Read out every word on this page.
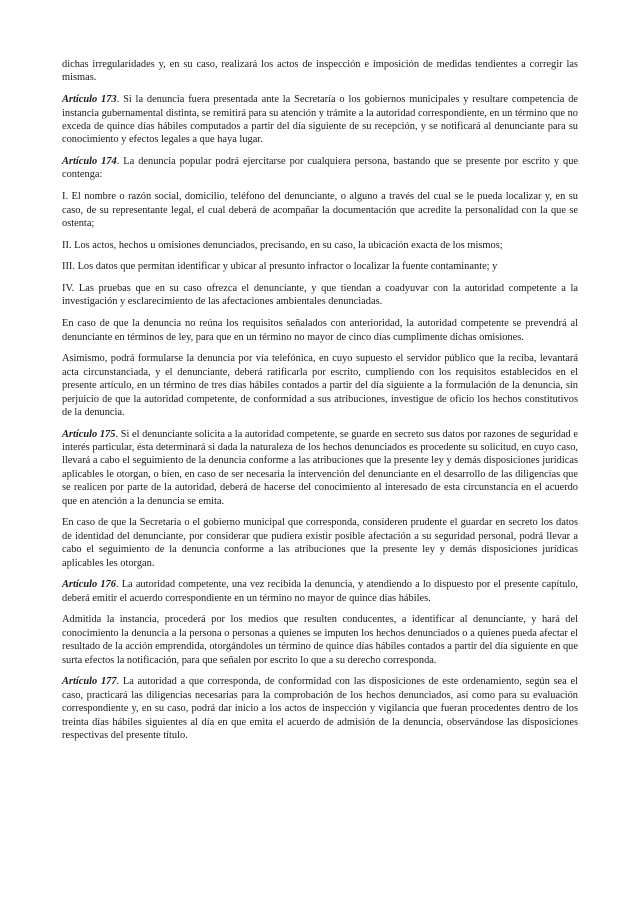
dichas irregularidades y, en su caso, realizará los actos de inspección e imposición de medidas tendientes a corregir las mismas.

Artículo 173. Si la denuncia fuera presentada ante la Secretaría o los gobiernos municipales y resultare competencia de instancia gubernamental distinta, se remitirá para su atención y trámite a la autoridad correspondiente, en un término que no exceda de quince días hábiles computados a partir del día siguiente de su recepción, y se notificará al denunciante para su conocimiento y efectos legales a que haya lugar.

Artículo 174. La denuncia popular podrá ejercitarse por cualquiera persona, bastando que se presente por escrito y que contenga:

I. El nombre o razón social, domicilio, teléfono del denunciante, o alguno a través del cual se le pueda localizar y, en su caso, de su representante legal, el cual deberá de acompañar la documentación que acredite la personalidad con la que se ostenta;

II. Los actos, hechos u omisiones denunciados, precisando, en su caso, la ubicación exacta de los mismos;

III. Los datos que permitan identificar y ubicar al presunto infractor o localizar la fuente contaminante; y

IV. Las pruebas que en su caso ofrezca el denunciante, y que tiendan a coadyuvar con la autoridad competente a la investigación y esclarecimiento de las afectaciones ambientales denunciadas.

En caso de que la denuncia no reúna los requisitos señalados con anterioridad, la autoridad competente se prevendrá al denunciante en términos de ley, para que en un término no mayor de cinco días cumplimente dichas omisiones.

Asimismo, podrá formularse la denuncia por vía telefónica, en cuyo supuesto el servidor público que la reciba, levantará acta circunstanciada, y el denunciante, deberá ratificarla por escrito, cumpliendo con los requisitos establecidos en el presente artículo, en un término de tres días hábiles contados a partir del día siguiente a la formulación de la denuncia, sin perjuicio de que la autoridad competente, de conformidad a sus atribuciones, investigue de oficio los hechos constitutivos de la denuncia.

Artículo 175. Si el denunciante solicita a la autoridad competente, se guarde en secreto sus datos por razones de seguridad e interés particular, ésta determinará si dada la naturaleza de los hechos denunciados es procedente su solicitud, en cuyo caso, llevará a cabo el seguimiento de la denuncia conforme a las atribuciones que la presente ley y demás disposiciones jurídicas aplicables le otorgan, o bien, en caso de ser necesaria la intervención del denunciante en el desarrollo de las diligencias que se realicen por parte de la autoridad, deberá de hacerse del conocimiento al interesado de esta circunstancia en el acuerdo que en atención a la denuncia se emita.

En caso de que la Secretaría o el gobierno municipal que corresponda, consideren prudente el guardar en secreto los datos de identidad del denunciante, por considerar que pudiera existir posible afectación a su seguridad personal, podrá llevar a cabo el seguimiento de la denuncia conforme a las atribuciones que la presente ley y demás disposiciones jurídicas aplicables les otorgan.

Artículo 176. La autoridad competente, una vez recibida la denuncia, y atendiendo a lo dispuesto por el presente capítulo, deberá emitir el acuerdo correspondiente en un término no mayor de quince días hábiles.

Admitida la instancia, procederá por los medios que resulten conducentes, a identificar al denunciante, y hará del conocimiento la denuncia a la persona o personas a quienes se imputen los hechos denunciados o a quienes pueda afectar el resultado de la acción emprendida, otorgándoles un término de quince días hábiles contados a partir del día siguiente en que surta efectos la notificación, para que señalen por escrito lo que a su derecho corresponda.

Artículo 177. La autoridad a que corresponda, de conformidad con las disposiciones de este ordenamiento, según sea el caso, practicará las diligencias necesarias para la comprobación de los hechos denunciados, así como para su evaluación correspondiente y, en su caso, podrá dar inicio a los actos de inspección y vigilancia que fueran procedentes dentro de los treinta días hábiles siguientes al día en que emita el acuerdo de admisión de la denuncia, observándose las disposiciones respectivas del presente título.
